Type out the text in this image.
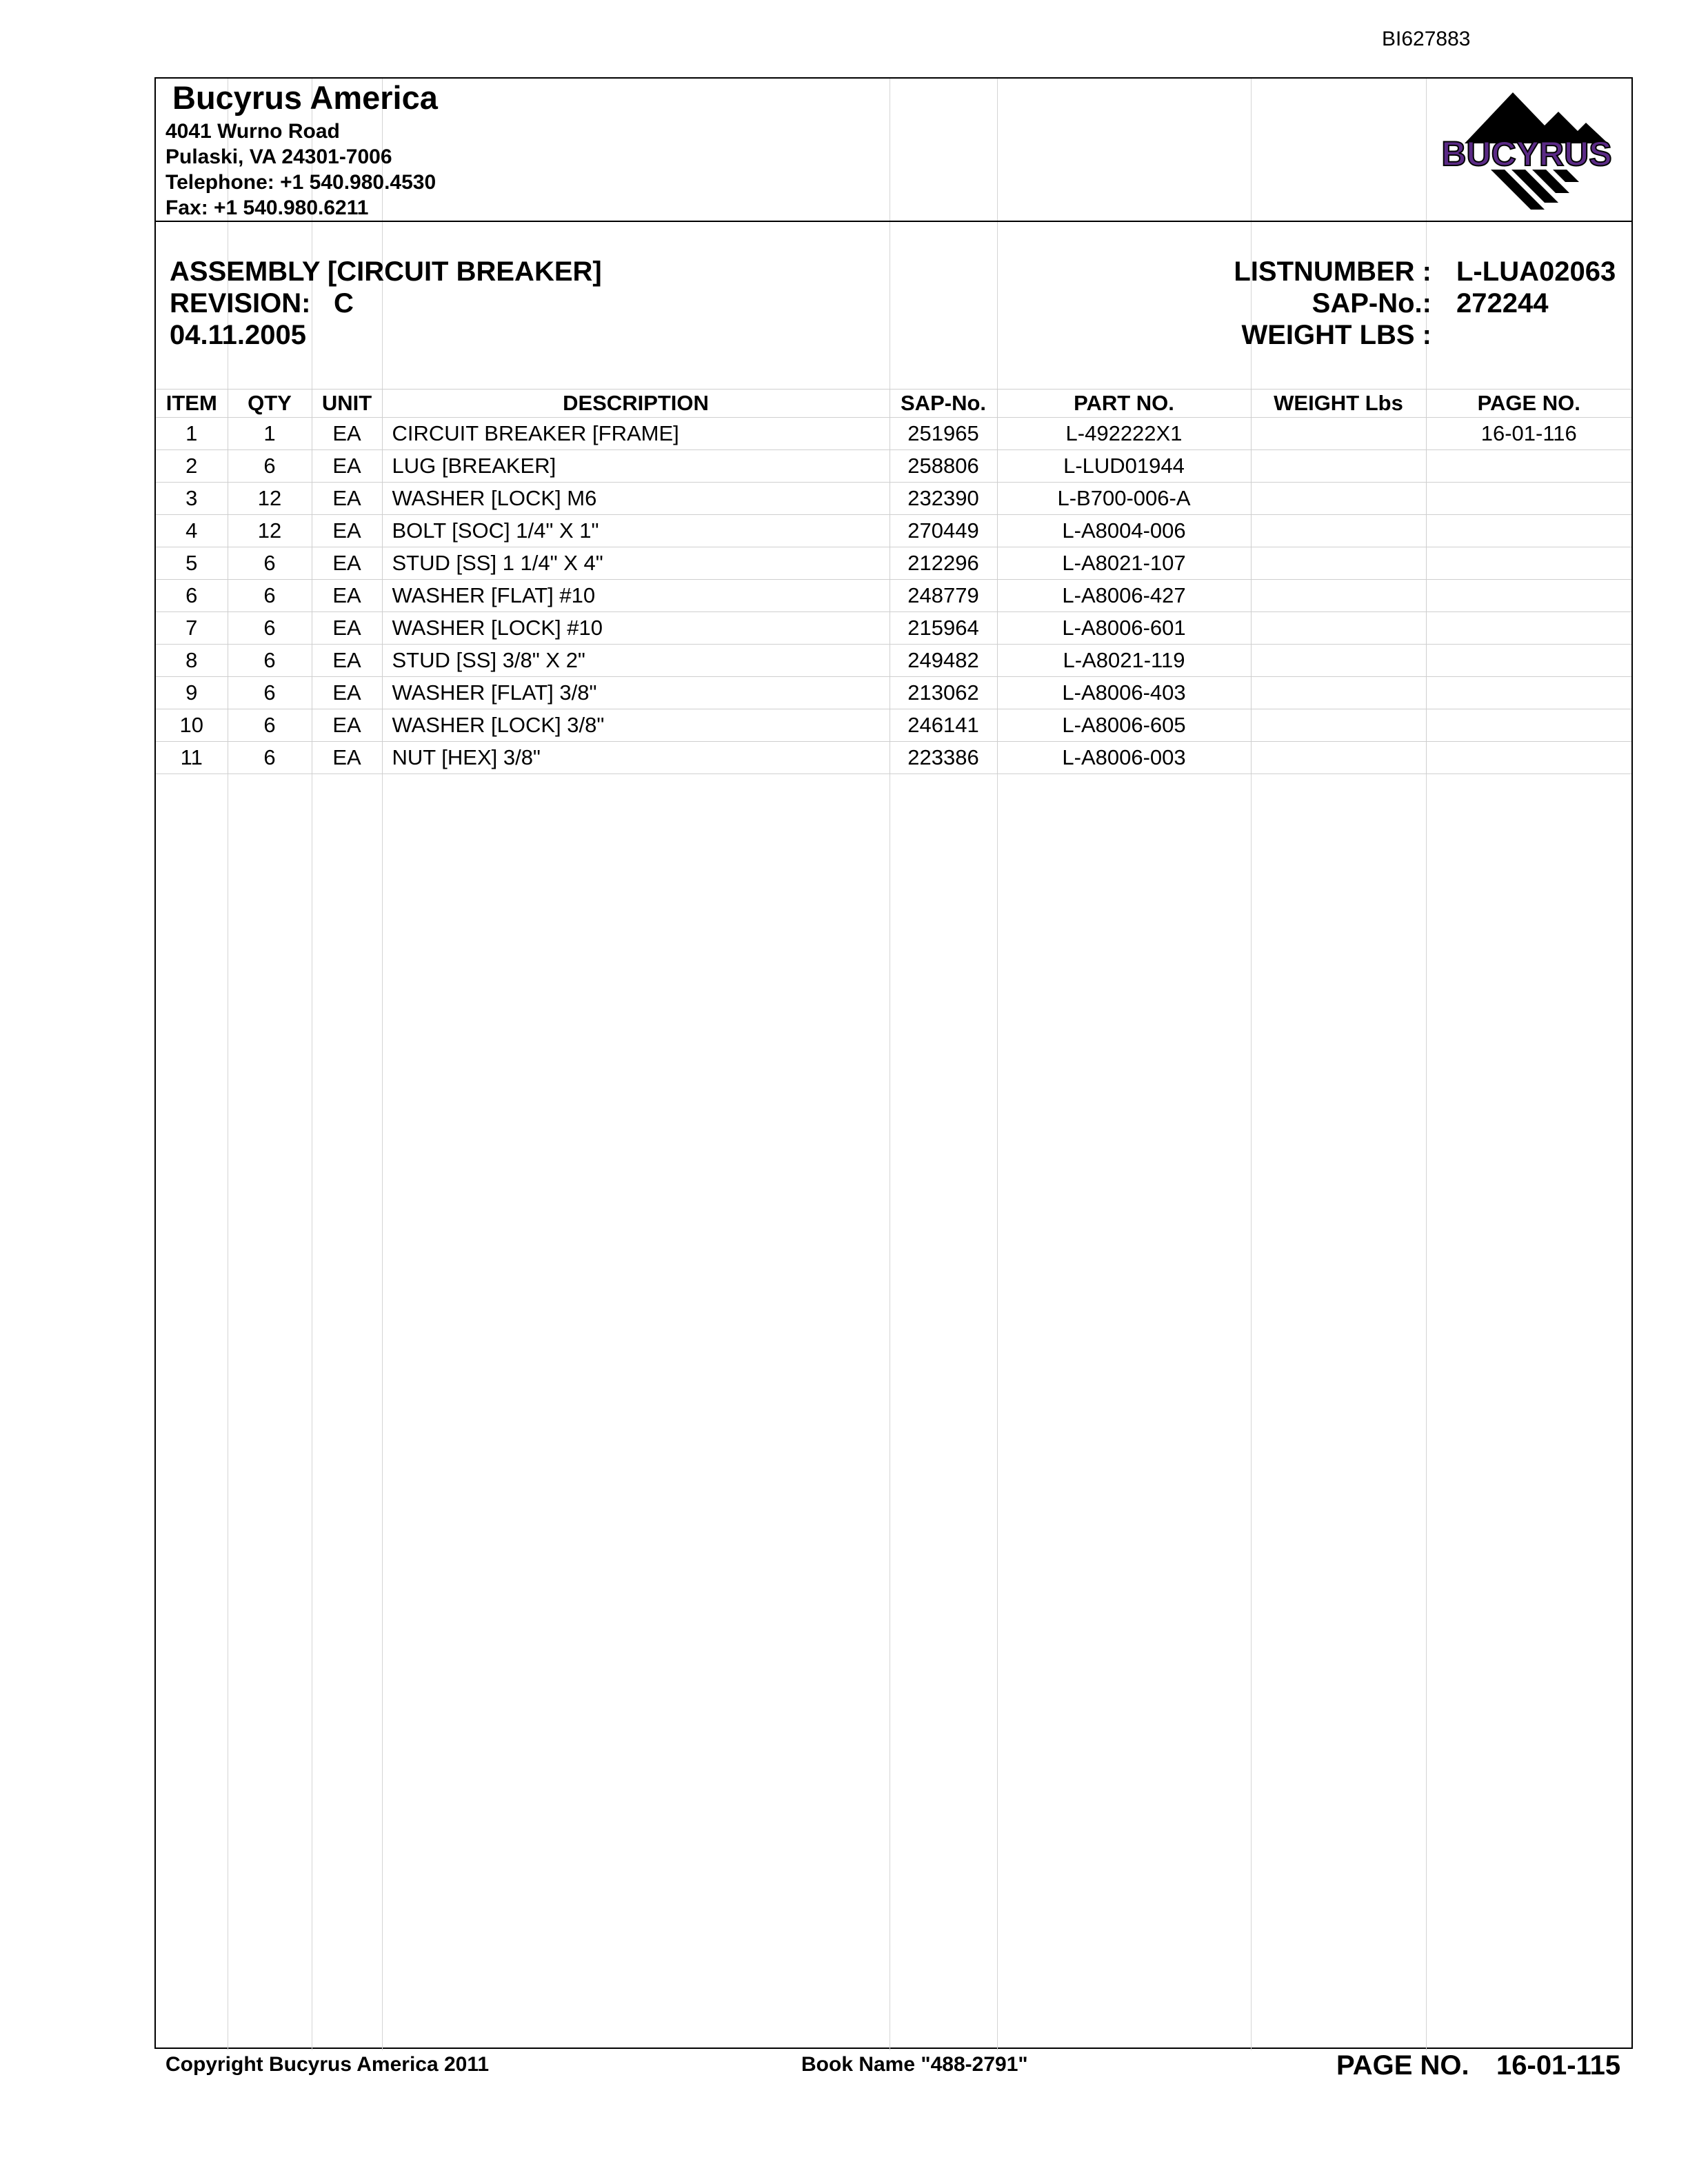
BI627883
Bucyrus America
4041 Wurno Road
Pulaski, VA 24301-7006
Telephone: +1 540.980.4530
Fax: +1 540.980.6211
BUCYRUS
ASSEMBLY [CIRCUIT BREAKER]
REVISION: C
04.11.2005
LISTNUMBER : L-LUA02063
SAP-No.: 272244
WEIGHT LBS :
ITEM	QTY	UNIT	DESCRIPTION	SAP-No.	PART NO.	WEIGHT Lbs	PAGE NO.
1	1	EA	CIRCUIT BREAKER [FRAME]	251965	L-492222X1		16-01-116
2	6	EA	LUG [BREAKER]	258806	L-LUD01944		
3	12	EA	WASHER [LOCK] M6	232390	L-B700-006-A		
4	12	EA	BOLT [SOC] 1/4" X 1"	270449	L-A8004-006		
5	6	EA	STUD [SS] 1 1/4" X 4"	212296	L-A8021-107		
6	6	EA	WASHER [FLAT] #10	248779	L-A8006-427		
7	6	EA	WASHER [LOCK] #10	215964	L-A8006-601		
8	6	EA	STUD [SS] 3/8" X 2"	249482	L-A8021-119		
9	6	EA	WASHER [FLAT] 3/8"	213062	L-A8006-403		
10	6	EA	WASHER [LOCK] 3/8"	246141	L-A8006-605		
11	6	EA	NUT [HEX] 3/8"	223386	L-A8006-003		
Copyright Bucyrus America 2011	Book Name "488-2791"	PAGE NO. 16-01-115
